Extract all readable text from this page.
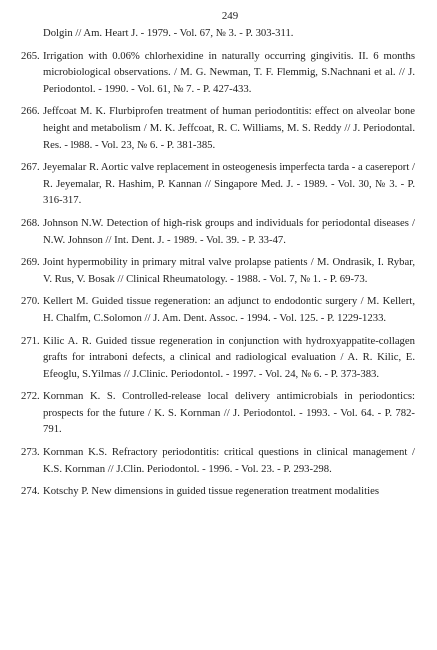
249
Dolgin // Am. Heart J. - 1979. - Vol. 67, № 3. - P. 303-311.
265. Irrigation with 0.06% chlorhexidine in naturally occurring gingivitis. II. 6 months microbiological observations. / M. G. Newman, T. F. Flemmig, S.Nachnani et al. // J. Periodontol. - 1990. - Vol. 61, № 7. - P. 427-433.
266. Jeffcoat M. K. Flurbiprofen treatment of human periodontitis: effect on alveolar bone height and metabolism / M. K. Jeffcoat, R. C. Williams, M. S. Reddy // J. Periodontal. Res. - l988. - Vol. 23, № 6. - P. 381-385.
267. Jeyemalar R. Aortic valve replacement in osteogenesis imperfecta tarda - a casereport / R. Jeyemalar, R. Hashim, P. Kannan // Singapore Med. J. - 1989. - Vol. 30, № 3. - P. 316-317.
268. Johnson N.W. Detection of high-risk groups and individuals for periodontal diseases / N.W. Johnson // Int. Dent. J. - 1989. - Vol. 39. - P. 33-47.
269. Joint hypermobility in primary mitral valve prolapse patients / M. Ondrasik, I. Rybar, V. Rus, V. Bosak // Clinical Rheumatology. - 1988. - Vol. 7, № 1. - P. 69-73.
270. Kellert M. Guided tissue regeneration: an adjunct to endodontic surgery / M. Kellert, H. Chalfm, C.Solomon // J. Am. Dent. Assoc. - 1994. - Vol. 125. - P. 1229-1233.
271. Kilic A. R. Guided tissue regeneration in conjunction with hydroxyappatite-collagen grafts for intraboni defects, a clinical and radiological evaluation / A. R. Kilic, E. Efeoglu, S.Yilmas // J.Clinic. Periodontol. - 1997. - Vol. 24, № 6. - P. 373-383.
272. Kornman K. S. Controlled-release local delivery antimicrobials in periodontics: prospects for the future / K. S. Kornman // J. Periodontol. - 1993. - Vol. 64. - P. 782-791.
273. Kornman K.S. Refractory periodontitis: critical questions in clinical management / K.S. Kornman // J.Clin. Periodontol. - 1996. - Vol. 23. - P. 293-298.
274. Kotschy P. New dimensions in guided tissue regeneration treatment modalities
